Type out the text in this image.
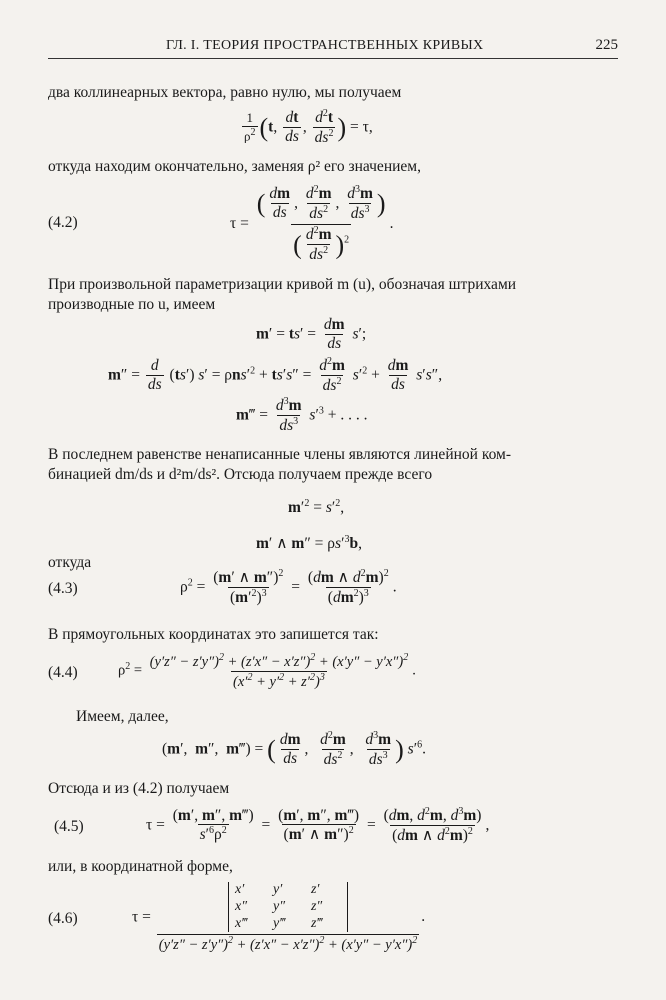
ГЛ. I. ТЕОРИЯ ПРОСТРАНСТВЕННЫХ КРИВЫХ	225
два коллинеарных вектора, равно нулю, мы получаем
$\frac{1}{\rho^2} (t$, $\frac{dt}{ds}$ , $\frac{d^2t}{ds^2}$ ) = τ,
откуда находим окончательно, заменяя ρ² его значением,
(4.2)	$\tau = \frac{( \frac{dm}{ds} , \frac{d^2m}{ds^2} , \frac{d^3m}{ds^3} )}{( \frac{d^2m}{ds^2} )^2}$ .
При произвольной параметризации кривой m (u), обозначая штрихами
производные по u, имеем
$m' = ts' = \frac{dm}{ds} s'$;
$m'' = \frac{d}{ds} (ts') s' = \rho ns'^2 + ts's'' = \frac{d^2m}{ds^2} s'^2 + \frac{dm}{ds} s's''$,
m‴ = $\frac{d^3m}{ds^3} s'^3$ + . . . .
В последнем равенстве ненаписанные члены являются линейной ком-
бинацией dm/ds и d²m/ds². Отсюда получаем прежде всего
$m'^2 = s'^2$,
m′ ∧ $m'' = \rho s'^3b$,
откуда
(4.3)	$\rho^2 = \frac{(m' \wedge m'')^2}{(m'^2)^3} = \frac{(dm \wedge d^2m)^2}{(dm^2)^3}$ .
В прямоугольных координатах это запишется так:
(4.4)	$\rho^2 = \frac{(y'z'' - z'y'')^2 + (z'x'' - x'z'')^2 + (x'y'' - y'x'')^2}{(x'^2 + y'^2 + z'^2)^3}$ .
Имеем, далее,
(m′,  m″,  m‴) = ( $\frac{dm}{ds}$ , $\frac{d^2m}{ds^2}$ , $\frac{d^3m}{ds^3}$ ) $s'^6$.
Отсюда и из (4.2) получаем
(4.5)	$\tau = \frac{(m', m'', m‴)}{s'^6\rho^2} = \frac{(m', m'', m‴)}{(m' \wedge m'')^2} = \frac{(dm, d^2m, d^3m)}{(dm \wedge d^2m)^2}$ ,
или, в координатной форме,
(4.6)	τ =
x′	y′	z′
x″	y″	z″
x‴	y‴	z‴
$(y'z'' - z'y'')^2 + (z'x'' - x'z'')^2 + (x'y'' - y'x'')^2$
.
